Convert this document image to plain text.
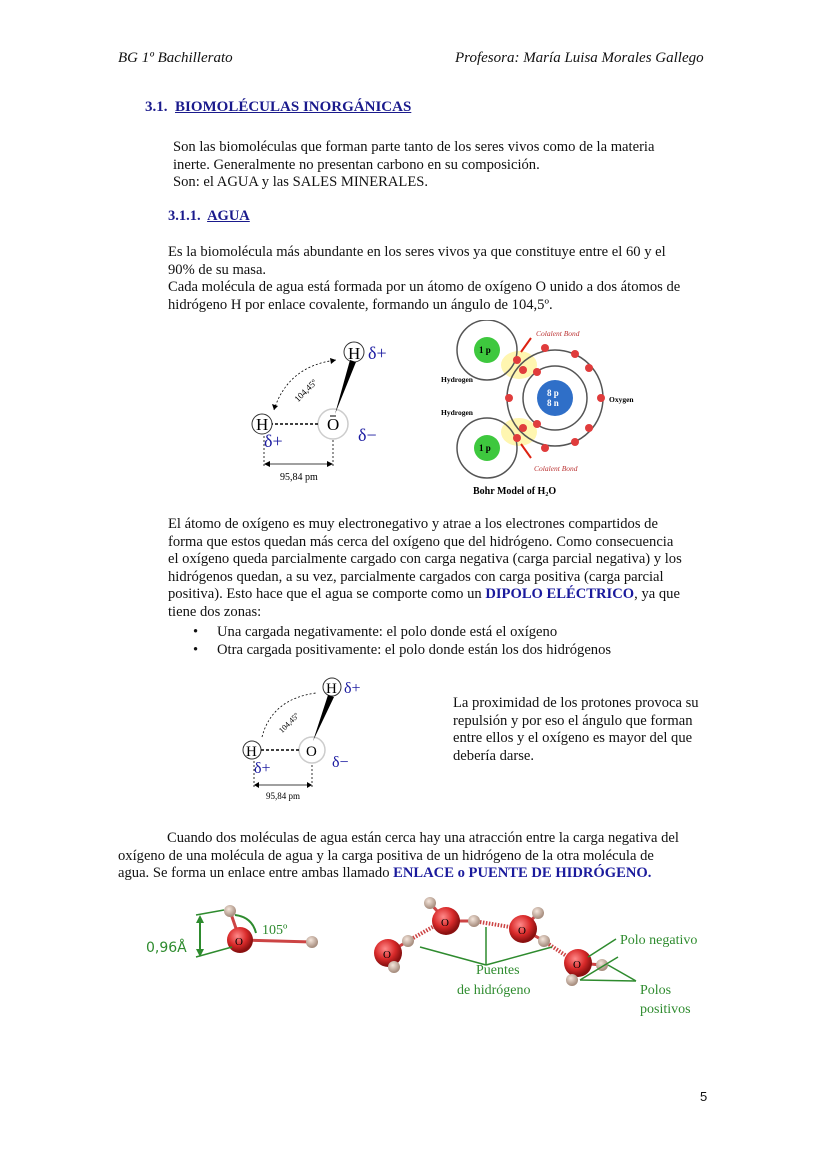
BG 1º Bachillerato	Profesora: María Luisa Morales Gallego
3.1. BIOMOLÉCULAS INORGÁNICAS
Son las biomoléculas que forman parte tanto de los seres vivos como de la materia
inerte. Generalmente no presentan carbono en su composición.
Son: el AGUA y las SALES MINERALES.
3.1.1. AGUA
Es la biomolécula más abundante en los seres vivos ya que constituye entre el 60 y el
90% de su masa.
Cada molécula de agua está formada por un átomo de oxígeno O unido a dos átomos de
hidrógeno H por enlace covalente, formando un ángulo de 104,5º.
104,45º
H
H	O
δ+
δ+	δ−
95,84 pm
8 p
8 n
1 p
1 p
Colalent Bond
Colalent Bond
Hydrogen
Hydrogen
Oxygen
Bohr Model of H₂O
El átomo de oxígeno es muy electronegativo y atrae a los electrones compartidos de
forma que estos quedan más cerca del oxígeno que del hidrógeno. Como consecuencia
el oxígeno queda parcialmente cargado con carga negativa (carga parcial negativa) y los
hidrógenos quedan, a su vez, parcialmente cargados con carga positiva (carga parcial
positiva). Esto hace que el agua se comporte como un DIPOLO ELÉCTRICO, ya que
tiene dos zonas:
• Una cargada negativamente: el polo donde está el oxígeno
• Otra cargada positivamente: el polo donde están los dos hidrógenos
104,45º
H
H	O
δ+
δ+	δ−
95,84 pm
La proximidad de los protones provoca su
repulsión y por eso el ángulo que forman
entre ellos y el oxígeno es mayor del que
debería darse.
Cuando dos moléculas de agua están cerca hay una atracción entre la carga negativa del
oxígeno de una molécula de agua y la carga positiva de un hidrógeno de la otra molécula de
agua. Se forma un enlace entre ambas llamado ENLACE o PUENTE DE HIDRÓGENO.
O
0,96Å
105º
O
O
O
O
Puentes
de hidrógeno
Polo negativo
Polos
positivos
5
